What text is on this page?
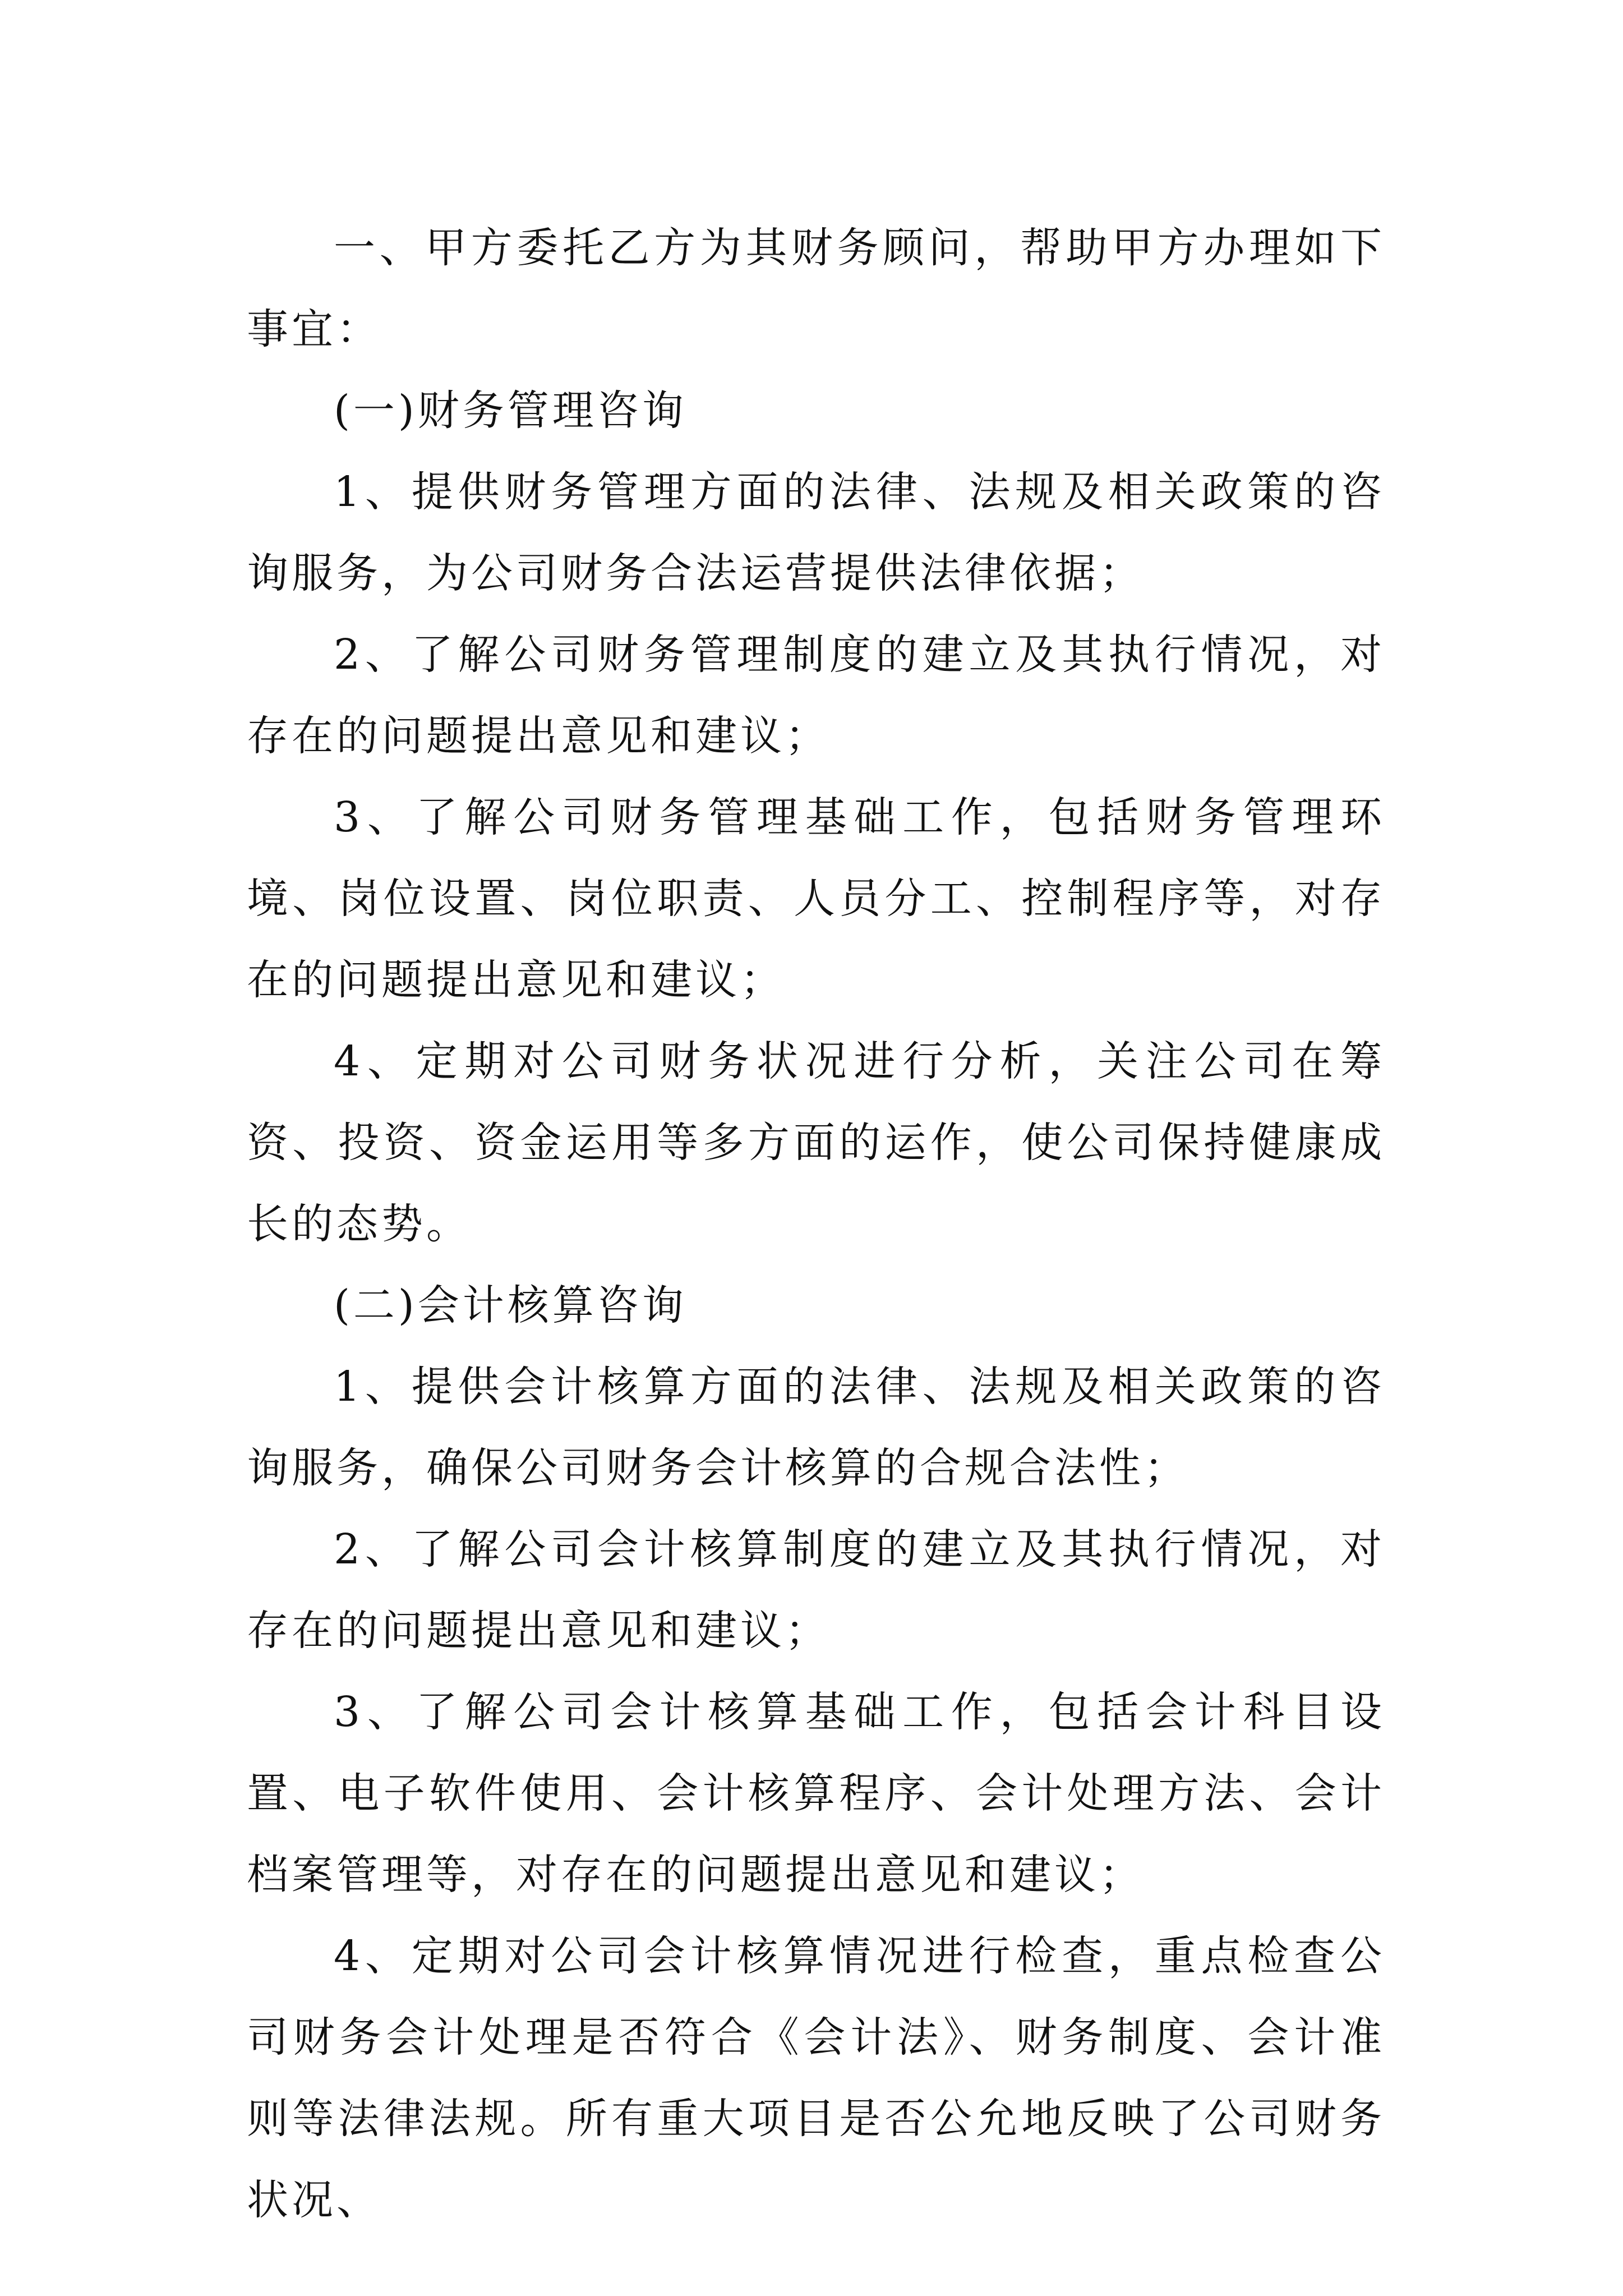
一、甲方委托乙方为其财务顾问，帮助甲方办理如下事宜：

(一)财务管理咨询

1、提供财务管理方面的法律、法规及相关政策的咨询服务，为公司财务合法运营提供法律依据；

2、了解公司财务管理制度的建立及其执行情况，对存在的问题提出意见和建议；

3、了解公司财务管理基础工作，包括财务管理环境、岗位设置、岗位职责、人员分工、控制程序等，对存在的问题提出意见和建议；

4、定期对公司财务状况进行分析，关注公司在筹资、投资、资金运用等多方面的运作，使公司保持健康成长的态势。

(二)会计核算咨询

1、提供会计核算方面的法律、法规及相关政策的咨询服务，确保公司财务会计核算的合规合法性；

2、了解公司会计核算制度的建立及其执行情况，对存在的问题提出意见和建议；

3、了解公司会计核算基础工作，包括会计科目设置、电子软件使用、会计核算程序、会计处理方法、会计档案管理等，对存在的问题提出意见和建议；

4、定期对公司会计核算情况进行检查，重点检查公司财务会计处理是否符合《会计法》、财务制度、会计准则等法律法规。所有重大项目是否公允地反映了公司财务状况、
